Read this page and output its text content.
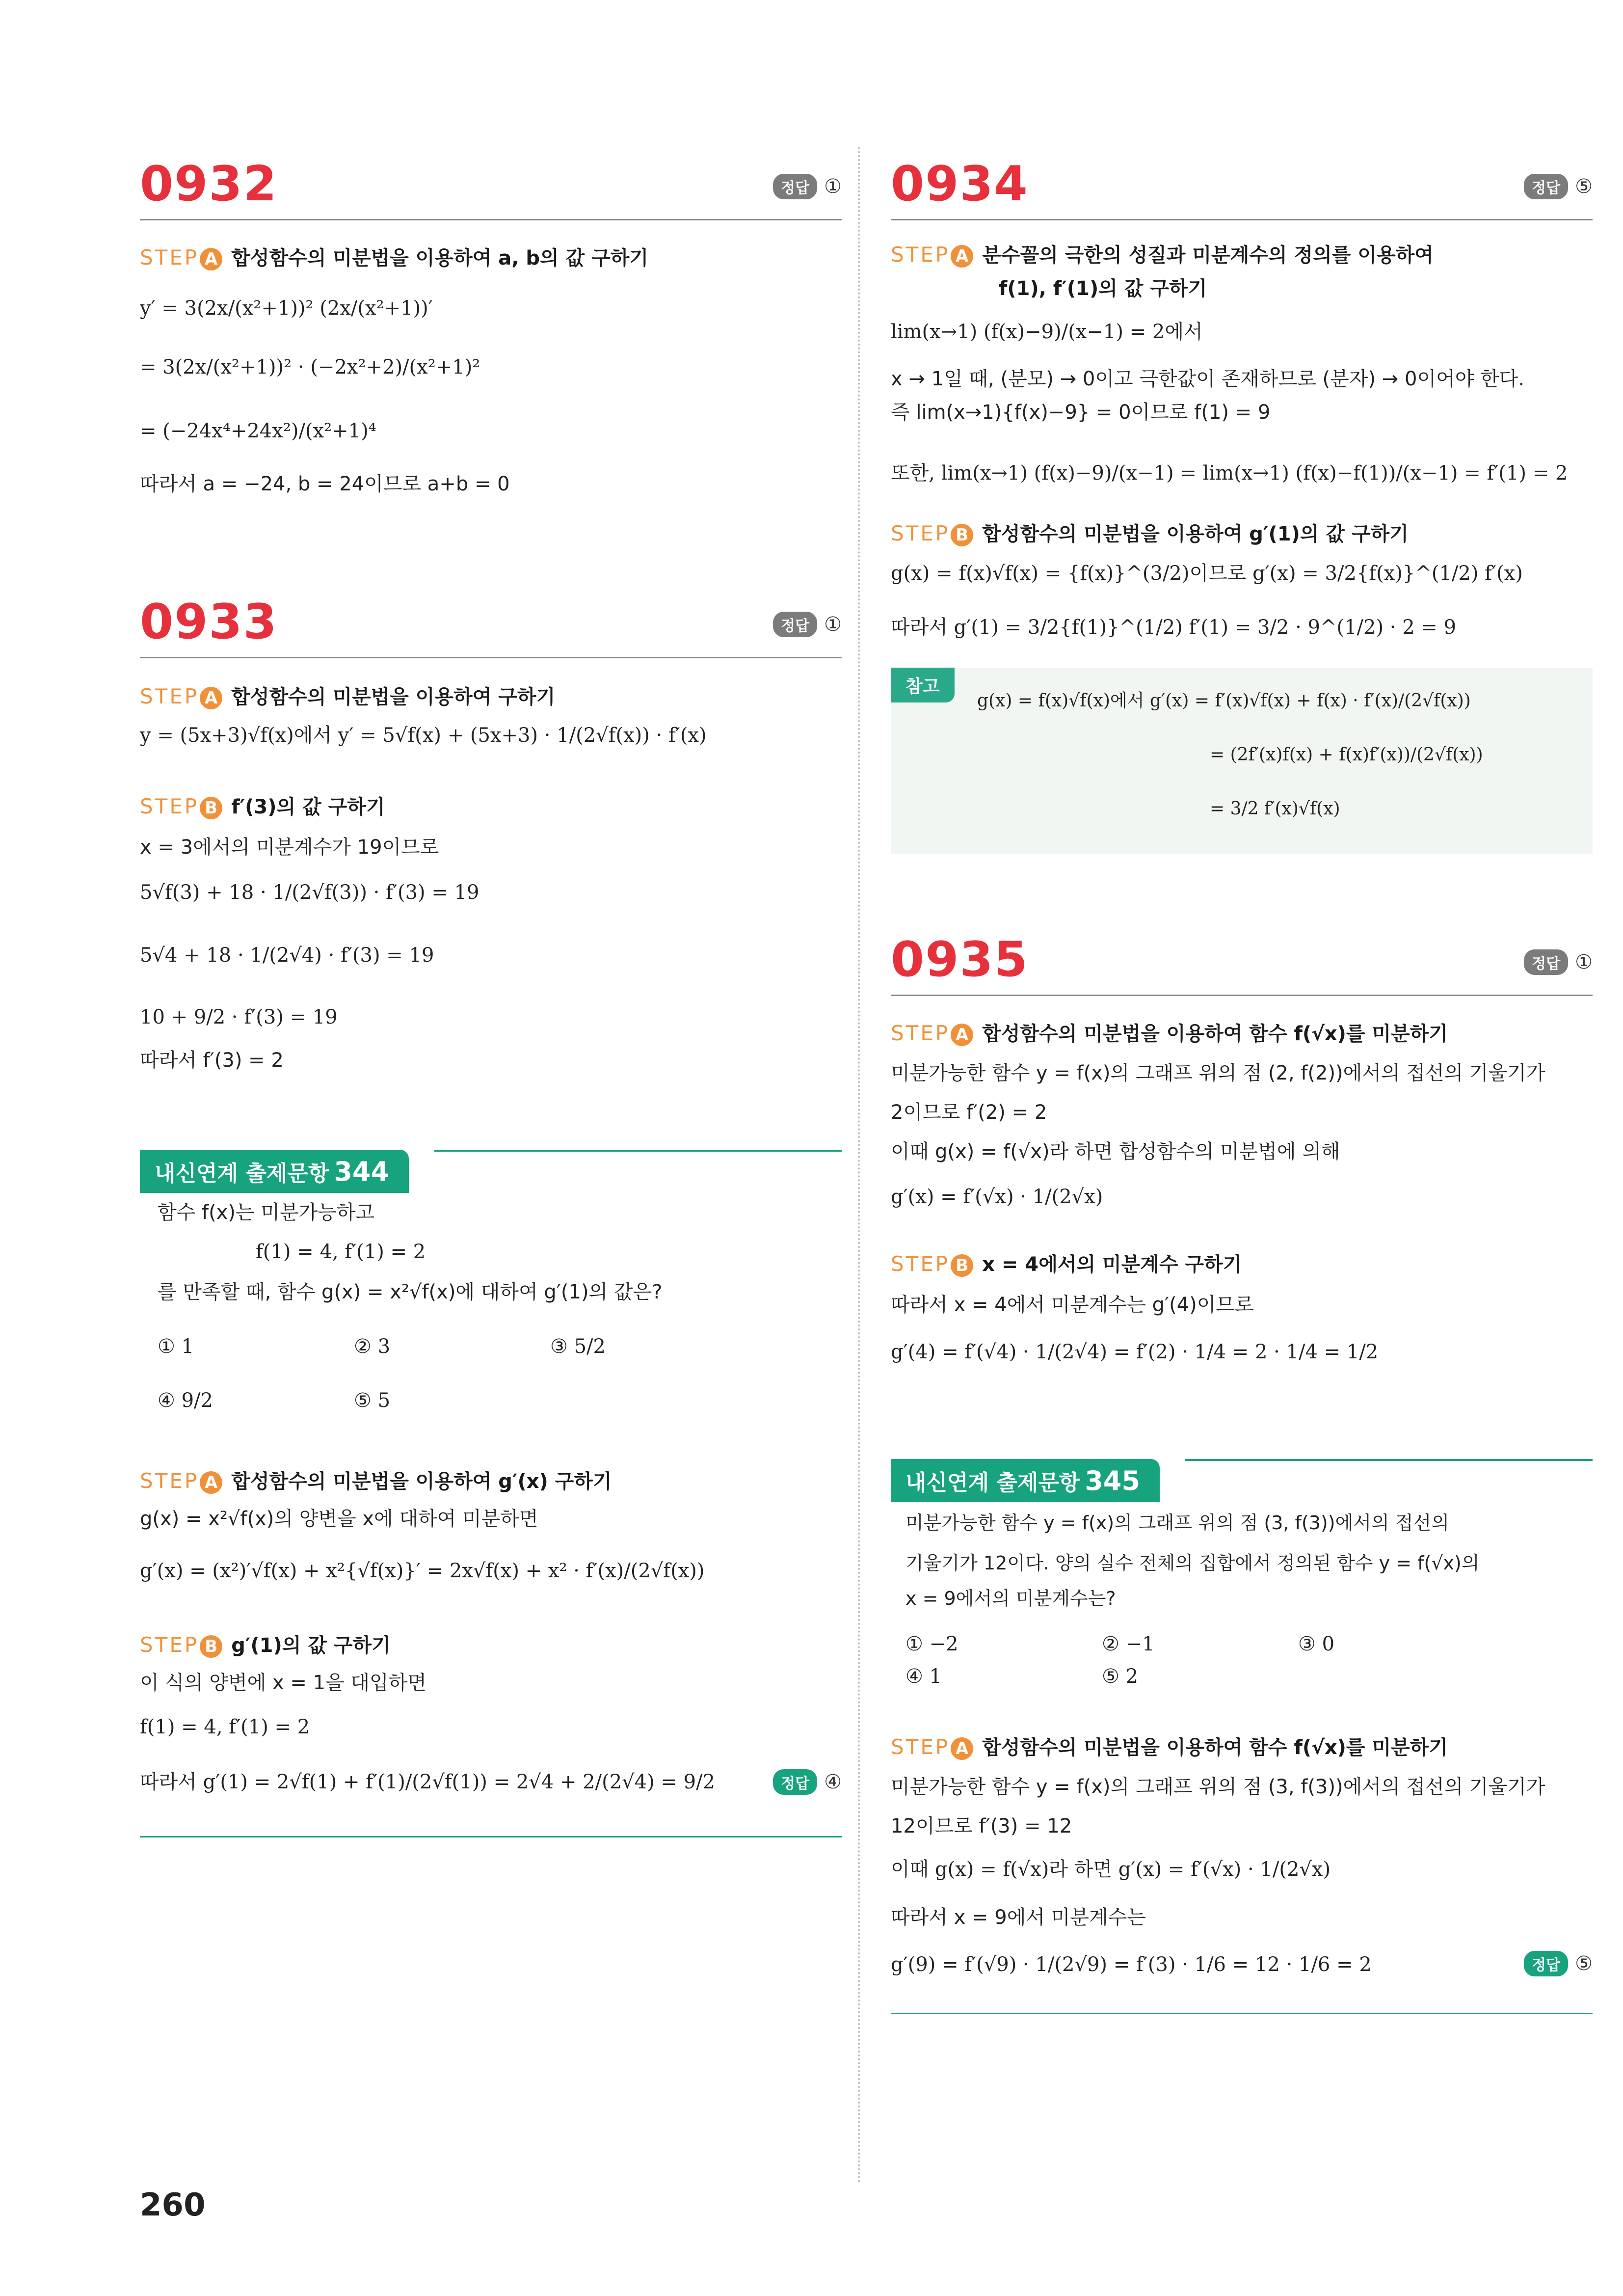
0932	정답 ①
STEP A 합성함수의 미분법을 이용하여 a, b의 값 구하기
y′ = 3(2x/(x²+1))² (2x/(x²+1))′
= 3(2x/(x²+1))² · (−2x²+2)/(x²+1)²
= (−24x⁴+24x²)/(x²+1)⁴
따라서 a = −24, b = 24이므로 a+b = 0
0933	정답 ①
STEP A 합성함수의 미분법을 이용하여 구하기
y = (5x+3)√f(x)에서 y′ = 5√f(x) + (5x+3) · 1/(2√f(x)) · f′(x)
STEP B f′(3)의 값 구하기
x = 3에서의 미분계수가 19이므로
5√f(3) + 18 · 1/(2√f(3)) · f′(3) = 19
5√4 + 18 · 1/(2√4) · f′(3) = 19
10 + 9/2 · f′(3) = 19
따라서 f′(3) = 2
내신연계 출제문항 344
함수 f(x)는 미분가능하고
f(1) = 4, f′(1) = 2
를 만족할 때, 함수 g(x) = x²√f(x)에 대하여 g′(1)의 값은?
① 1	② 3	③ 5/2
④ 9/2	⑤ 5
STEP A 합성함수의 미분법을 이용하여 g′(x) 구하기
g(x) = x²√f(x)의 양변을 x에 대하여 미분하면
g′(x) = (x²)′√f(x) + x²{√f(x)}′ = 2x√f(x) + x² · f′(x)/(2√f(x))
STEP B g′(1)의 값 구하기
이 식의 양변에 x = 1을 대입하면
f(1) = 4, f′(1) = 2
따라서 g′(1) = 2√f(1) + f′(1)/(2√f(1)) = 2√4 + 2/(2√4) = 9/2	정답 ④
0934	정답 ⑤
STEP A 분수꼴의 극한의 성질과 미분계수의 정의를 이용하여
f(1), f′(1)의 값 구하기
lim(x→1) (f(x)−9)/(x−1) = 2에서
x → 1일 때, (분모) → 0이고 극한값이 존재하므로 (분자) → 0이어야 한다.
즉 lim(x→1){f(x)−9} = 0이므로 f(1) = 9
또한, lim(x→1) (f(x)−9)/(x−1) = lim(x→1) (f(x)−f(1))/(x−1) = f′(1) = 2
STEP B 합성함수의 미분법을 이용하여 g′(1)의 값 구하기
g(x) = f(x)√f(x) = {f(x)}^(3/2)이므로 g′(x) = 3/2{f(x)}^(1/2) f′(x)
따라서 g′(1) = 3/2{f(1)}^(1/2) f′(1) = 3/2 · 9^(1/2) · 2 = 9
참고
g(x) = f(x)√f(x)에서 g′(x) = f′(x)√f(x) + f(x) · f′(x)/(2√f(x))
= (2f′(x)f(x) + f(x)f′(x))/(2√f(x))
= 3/2 f′(x)√f(x)
0935	정답 ①
STEP A 합성함수의 미분법을 이용하여 함수 f(√x)를 미분하기
미분가능한 함수 y = f(x)의 그래프 위의 점 (2, f(2))에서의 접선의 기울기가
2이므로 f′(2) = 2
이때 g(x) = f(√x)라 하면 합성함수의 미분법에 의해
g′(x) = f′(√x) · 1/(2√x)
STEP B x = 4에서의 미분계수 구하기
따라서 x = 4에서 미분계수는 g′(4)이므로
g′(4) = f′(√4) · 1/(2√4) = f′(2) · 1/4 = 2 · 1/4 = 1/2
내신연계 출제문항 345
미분가능한 함수 y = f(x)의 그래프 위의 점 (3, f(3))에서의 접선의
기울기가 12이다. 양의 실수 전체의 집합에서 정의된 함수 y = f(√x)의
x = 9에서의 미분계수는?
① −2	② −1	③ 0
④ 1	⑤ 2
STEP A 합성함수의 미분법을 이용하여 함수 f(√x)를 미분하기
미분가능한 함수 y = f(x)의 그래프 위의 점 (3, f(3))에서의 접선의 기울기가
12이므로 f′(3) = 12
이때 g(x) = f(√x)라 하면 g′(x) = f′(√x) · 1/(2√x)
따라서 x = 9에서 미분계수는
g′(9) = f′(√9) · 1/(2√9) = f′(3) · 1/6 = 12 · 1/6 = 2	정답 ⑤
260
